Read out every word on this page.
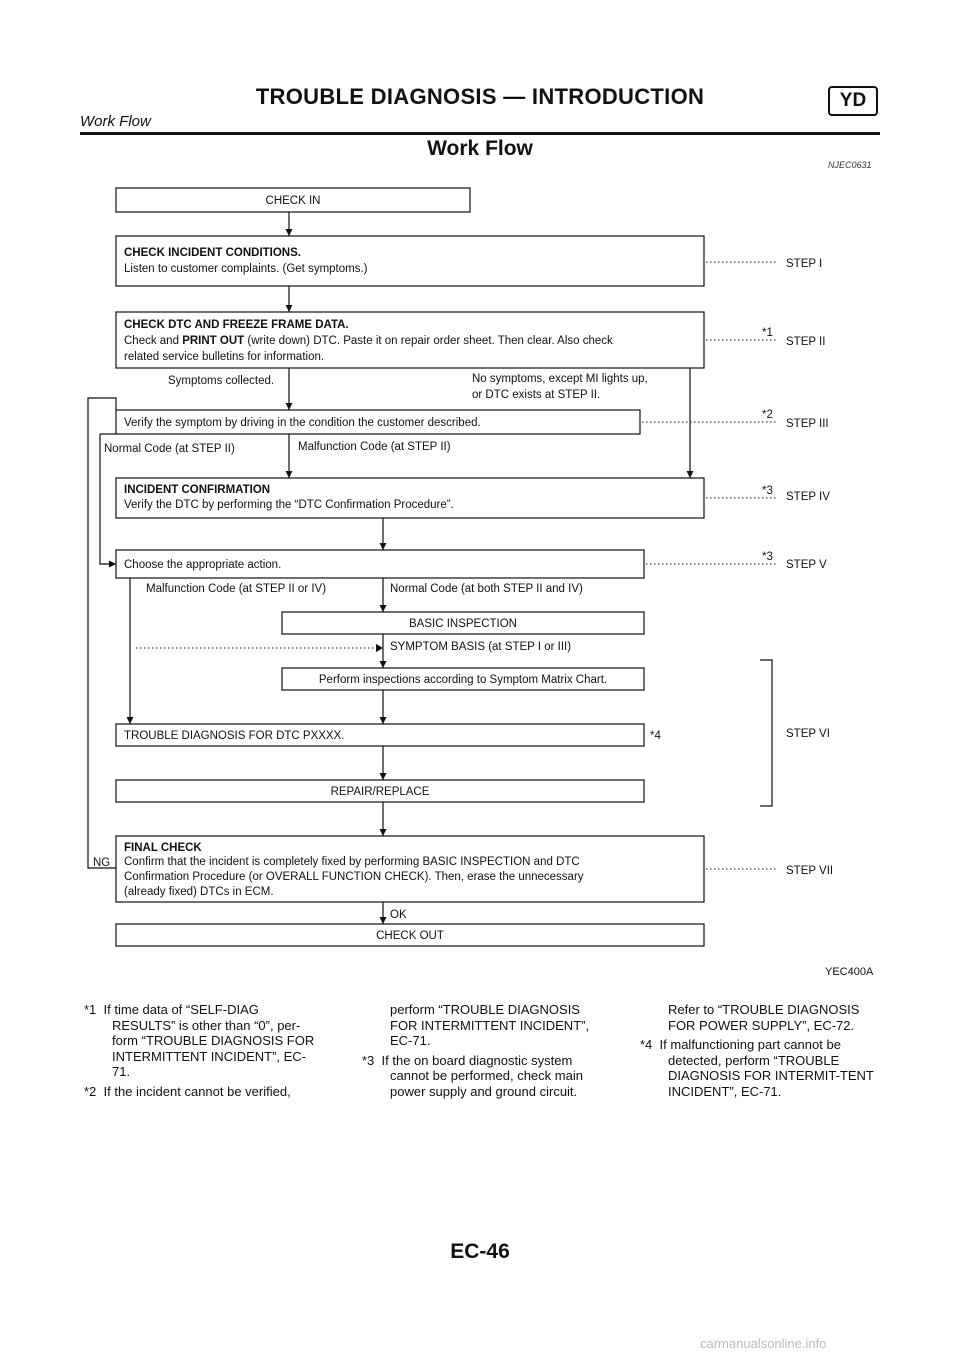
TROUBLE DIAGNOSIS — INTRODUCTION	YD
Work Flow
Work Flow
NJEC0631
CHECK IN
CHECK INCIDENT CONDITIONS.
Listen to customer complaints. (Get symptoms.)
CHECK DTC AND FREEZE FRAME DATA.
Check and PRINT OUT (write down) DTC. Paste it on repair order sheet. Then clear. Also check
related service bulletins for information.
Symptoms collected.	No symptoms, except MI lights up,
or DTC exists at STEP II.
Verify the symptom by driving in the condition the customer described.
Normal Code (at STEP II)	Malfunction Code (at STEP II)
INCIDENT CONFIRMATION
Verify the DTC by performing the “DTC Confirmation Procedure”.
Choose the appropriate action.
Malfunction Code (at STEP II or IV)	Normal Code (at both STEP II and IV)
BASIC INSPECTION
SYMPTOM BASIS (at STEP I or III)
Perform inspections according to Symptom Matrix Chart.
TROUBLE DIAGNOSIS FOR DTC PXXXX.	*4
REPAIR/REPLACE
FINAL CHECK
Confirm that the incident is completely fixed by performing BASIC INSPECTION and DTC
Confirmation Procedure (or OVERALL FUNCTION CHECK). Then, erase the unnecessary
(already fixed) DTCs in ECM.
NG
OK
CHECK OUT
STEP I
*1
STEP II
*2
STEP III
*3 STEP IV
*3
STEP V
STEP VI
STEP VII
YEC400A
*1 If time data of “SELF-DIAG RESULTS” is other than “0”, per-form “TROUBLE DIAGNOSIS FOR INTERMITTENT INCIDENT”, EC-71.
*2 If the incident cannot be verified,
perform “TROUBLE DIAGNOSIS FOR INTERMITTENT INCIDENT”, EC-71.
*3 If the on board diagnostic system cannot be performed, check main power supply and ground circuit.
Refer to “TROUBLE DIAGNOSIS FOR POWER SUPPLY”, EC-72.
*4 If malfunctioning part cannot be detected, perform “TROUBLE DIAGNOSIS FOR INTERMIT-TENT INCIDENT”, EC-71.
EC-46
carmanualsonline.info
